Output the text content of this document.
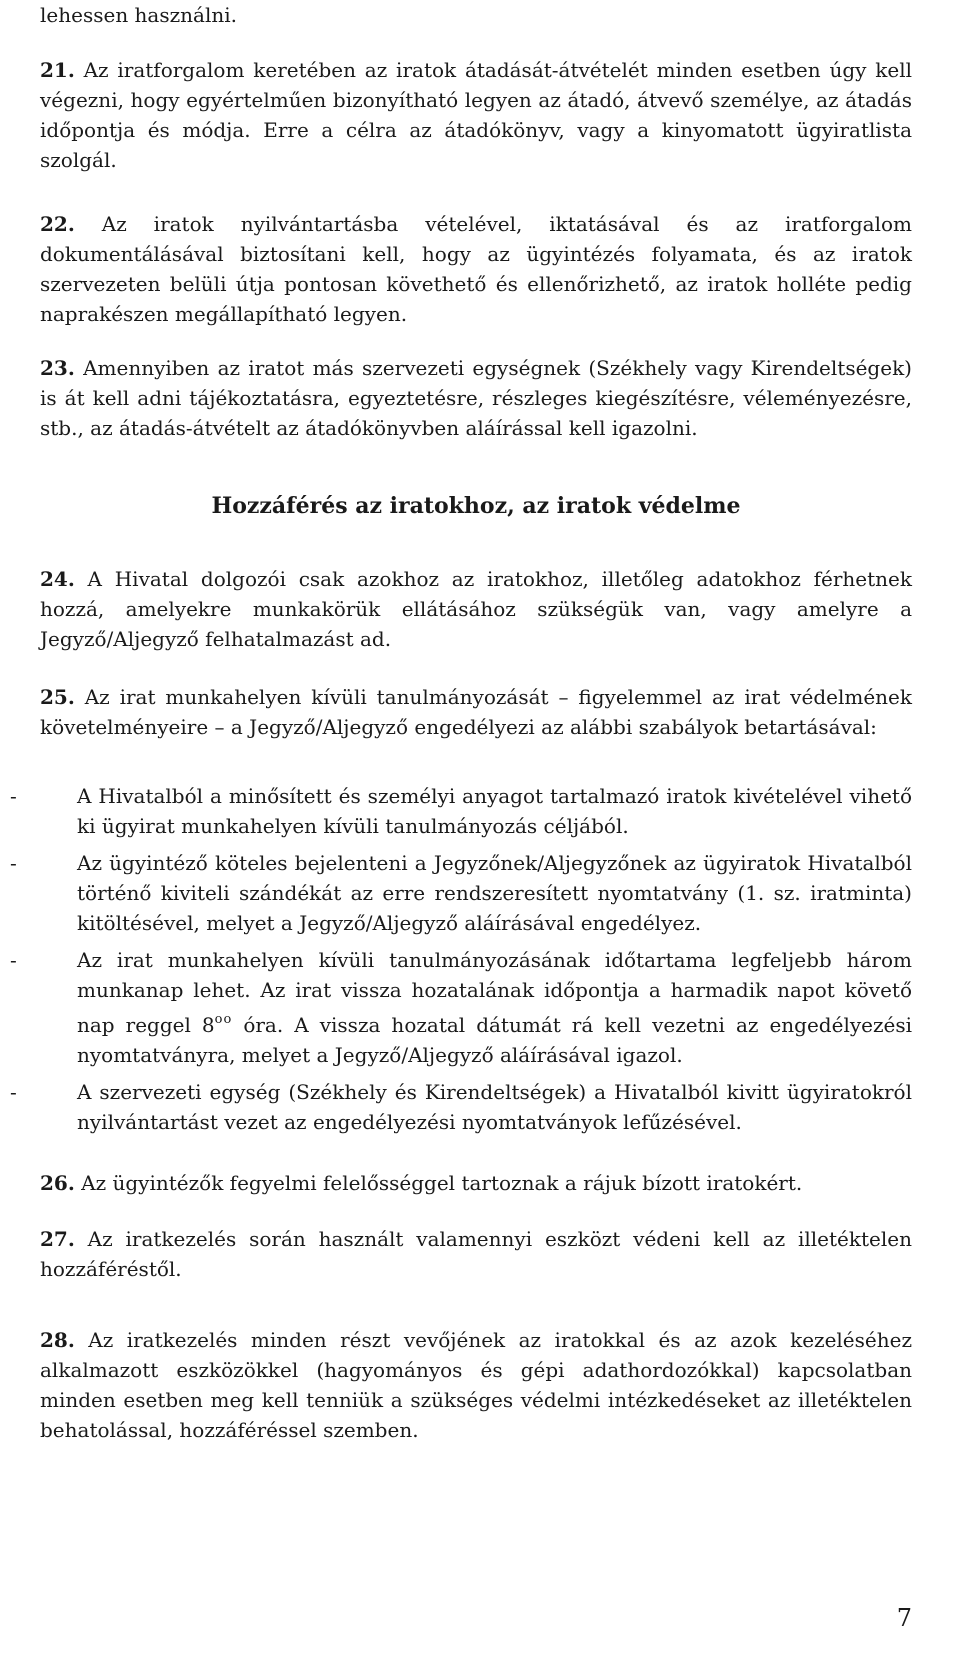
lehessen használni.

21. Az iratforgalom keretében az iratok átadását-átvételét minden esetben úgy kell végezni, hogy egyértelműen bizonyítható legyen az átadó, átvevő személye, az átadás időpontja és módja. Erre a célra az átadókönyv, vagy a kinyomatott ügyiratlista szolgál.

22. Az iratok nyilvántartásba vételével, iktatásával és az iratforgalom dokumentálásával biztosítani kell, hogy az ügyintézés folyamata, és az iratok szervezeten belüli útja pontosan követhető és ellenőrizhető, az iratok holléte pedig naprakészen megállapítható legyen.

23. Amennyiben az iratot más szervezeti egységnek (Székhely vagy Kirendeltségek) is át kell adni tájékoztatásra, egyeztetésre, részleges kiegészítésre, véleményezésre, stb., az átadás-átvételt az átadókönyvben aláírással kell igazolni.

Hozzáférés az iratokhoz, az iratok védelme

24. A Hivatal dolgozói csak azokhoz az iratokhoz, illetőleg adatokhoz férhetnek hozzá, amelyekre munkakörük ellátásához szükségük van, vagy amelyre a Jegyző/Aljegyző felhatalmazást ad.

25. Az irat munkahelyen kívüli tanulmányozását – figyelemmel az irat védelmének követelményeire – a Jegyző/Aljegyző engedélyezi az alábbi szabályok betartásával:

-	A Hivatalból a minősített és személyi anyagot tartalmazó iratok kivételével vihető ki ügyirat munkahelyen kívüli tanulmányozás céljából.
-	Az ügyintéző köteles bejelenteni a Jegyzőnek/Aljegyzőnek az ügyiratok Hivatalból történő kiviteli szándékát az erre rendszeresített nyomtatvány (1. sz. iratminta) kitöltésével, melyet a Jegyző/Aljegyző aláírásával engedélyez.
-	Az irat munkahelyen kívüli tanulmányozásának időtartama legfeljebb három munkanap lehet. Az irat vissza hozatalának időpontja a harmadik napot követő nap reggel $8^{oo}$ óra. A vissza hozatal dátumát rá kell vezetni az engedélyezési nyomtatványra, melyet a Jegyző/Aljegyző aláírásával igazol.
-	A szervezeti egység (Székhely és Kirendeltségek) a Hivatalból kivitt ügyiratokról nyilvántartást vezet az engedélyezési nyomtatványok lefűzésével.

26. Az ügyintézők fegyelmi felelősséggel tartoznak a rájuk bízott iratokért.

27. Az iratkezelés során használt valamennyi eszközt védeni kell az illetéktelen hozzáféréstől.

28. Az iratkezelés minden részt vevőjének az iratokkal és az azok kezeléséhez alkalmazott eszközökkel (hagyományos és gépi adathordozókkal) kapcsolatban minden esetben meg kell tenniük a szükséges védelmi intézkedéseket az illetéktelen behatolással, hozzáféréssel szemben.

7
